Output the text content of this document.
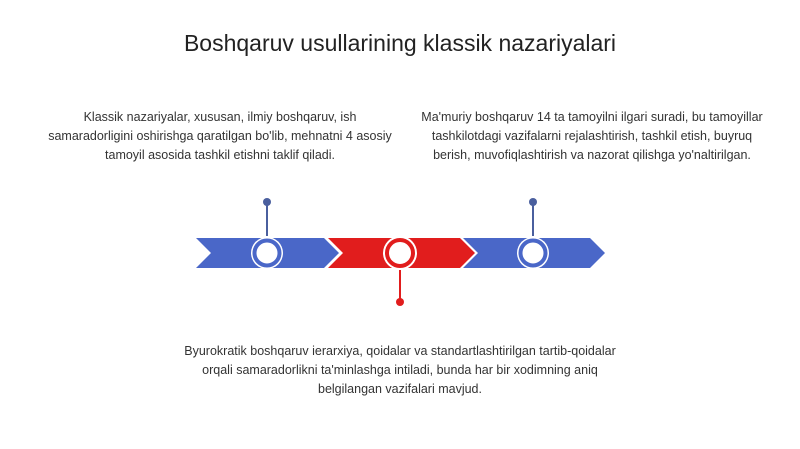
Boshqaruv usullarining klassik nazariyalari
Klassik nazariyalar, xususan, ilmiy boshqaruv, ish samaradorligini oshirishga qaratilgan bo'lib, mehnatni 4 asosiy tamoyil asosida tashkil etishni taklif qiladi.
Ma'muriy boshqaruv 14 ta tamoyilni ilgari suradi, bu tamoyillar tashkilotdagi vazifalarni rejalashtirish, tashkil etish, buyruq berish, muvofiqlashtirish va nazorat qilishga yo'naltirilgan.
Byurokratik boshqaruv ierarxiya, qoidalar va standartlashtirilgan tartib-qoidalar orqali samaradorlikni ta'minlashga intiladi, bunda har bir xodimning aniq belgilangan vazifalari mavjud.
